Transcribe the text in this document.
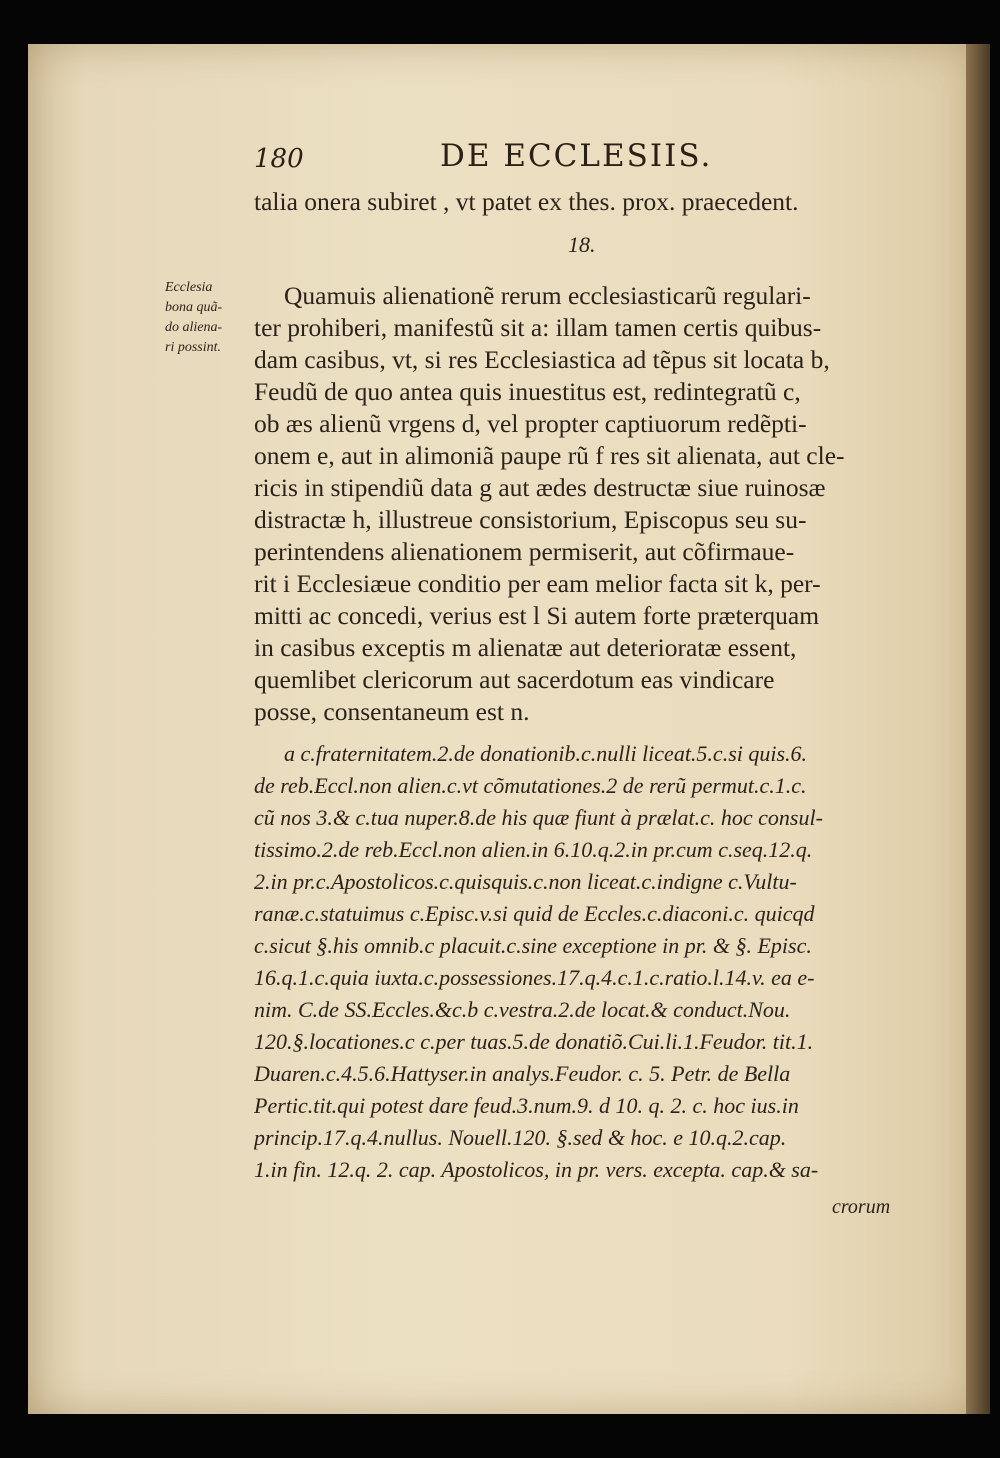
180	DE ECCLESIIS.
talia onera subiret , vt patet ex thes. prox. praecedent.
18.
Ecclesia
bona quã-
do aliena-
ri possint.
Quamuis alienationẽ rerum ecclesiasticarũ regulari-
ter prohiberi, manifestũ sit a: illam tamen certis quibus-
dam casibus, vt, si res Ecclesiastica ad tẽpus sit locata b,
Feudũ de quo antea quis inuestitus est, redintegratũ c,
ob æs alienũ vrgens d, vel propter captiuorum redẽpti-
onem e, aut in alimoniã paupe rũ f res sit alienata, aut cle-
ricis in stipendiũ data g aut ædes destructæ siue ruinosæ
distractæ h, illustreue consistorium, Episcopus seu su-
perintendens alienationem permiserit, aut cõfirmaue-
rit i Ecclesiæue conditio per eam melior facta sit k, per-
mitti ac concedi, verius est l Si autem forte præterquam
in casibus exceptis m alienatæ aut deterioratæ essent,
quemlibet clericorum aut sacerdotum eas vindicare
posse, consentaneum est n.
a c.fraternitatem.2.de donationib.c.nulli liceat.5.c.si quis.6.
de reb.Eccl.non alien.c.vt cõmutationes.2 de rerũ permut.c.1.c.
cũ nos 3.& c.tua nuper.8.de his quæ fiunt à prælat.c. hoc consul-
tissimo.2.de reb.Eccl.non alien.in 6.10.q.2.in pr.cum c.seq.12.q.
2.in pr.c.Apostolicos.c.quisquis.c.non liceat.c.indigne c.Vultu-
ranæ.c.statuimus c.Episc.v.si quid de Eccles.c.diaconi.c. quicqd
c.sicut §.his omnib.c placuit.c.sine exceptione in pr. & §. Episc.
16.q.1.c.quia iuxta.c.possessiones.17.q.4.c.1.c.ratio.l.14.v. ea e-
nim. C.de SS.Eccles.&c.b c.vestra.2.de locat.& conduct.Nou.
120.§.locationes.c c.per tuas.5.de donatiõ.Cui.li.1.Feudor. tit.1.
Duaren.c.4.5.6.Hattyser.in analys.Feudor. c. 5. Petr. de Bella
Pertic.tit.qui potest dare feud.3.num.9. d 10. q. 2. c. hoc ius.in
princip.17.q.4.nullus. Nouell.120. §.sed & hoc. e 10.q.2.cap.
1.in fin. 12.q. 2. cap. Apostolicos, in pr. vers. excepta. cap.& sa-
crorum
